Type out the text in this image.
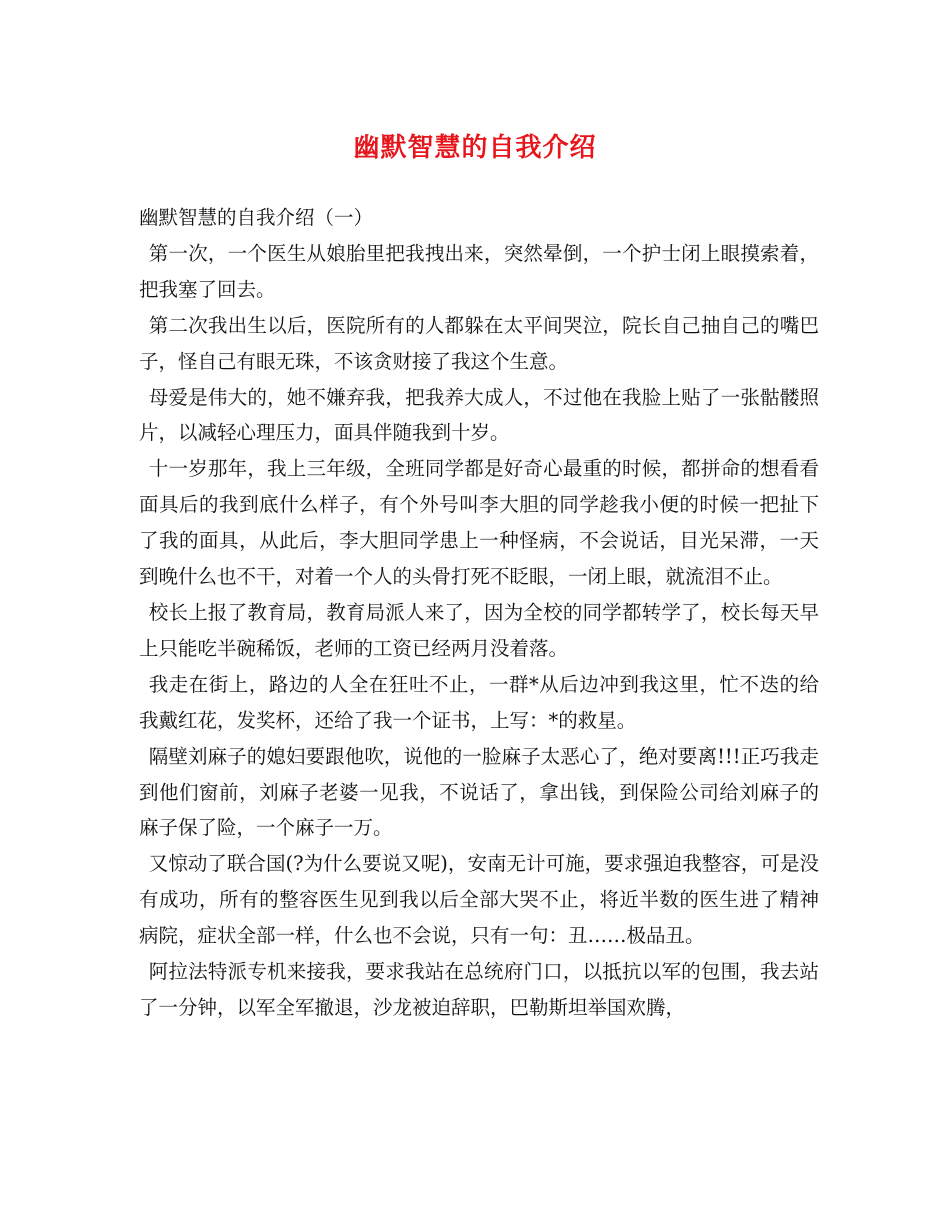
幽默智慧的自我介绍

幽默智慧的自我介绍（一）

第一次，一个医生从娘胎里把我拽出来，突然晕倒，一个护士闭上眼摸索着，把我塞了回去。

第二次我出生以后，医院所有的人都躲在太平间哭泣，院长自己抽自己的嘴巴子，怪自己有眼无珠，不该贪财接了我这个生意。

母爱是伟大的，她不嫌弃我，把我养大成人，不过他在我脸上贴了一张骷髅照片，以减轻心理压力，面具伴随我到十岁。

十一岁那年，我上三年级，全班同学都是好奇心最重的时候，都拼命的想看看面具后的我到底什么样子，有个外号叫李大胆的同学趁我小便的时候一把扯下了我的面具，从此后，李大胆同学患上一种怪病，不会说话，目光呆滞，一天到晚什么也不干，对着一个人的头骨打死不眨眼，一闭上眼，就流泪不止。

校长上报了教育局，教育局派人来了，因为全校的同学都转学了，校长每天早上只能吃半碗稀饭，老师的工资已经两月没着落。

我走在街上，路边的人全在狂吐不止，一群*从后边冲到我这里，忙不迭的给我戴红花，发奖杯，还给了我一个证书，上写：*的救星。

隔壁刘麻子的媳妇要跟他吹，说他的一脸麻子太恶心了，绝对要离!!!正巧我走到他们窗前，刘麻子老婆一见我，不说话了，拿出钱，到保险公司给刘麻子的麻子保了险，一个麻子一万。

又惊动了联合国(?为什么要说又呢)，安南无计可施，要求强迫我整容，可是没有成功，所有的整容医生见到我以后全部大哭不止，将近半数的医生进了精神病院，症状全部一样，什么也不会说，只有一句：丑……极品丑。

阿拉法特派专机来接我，要求我站在总统府门口，以抵抗以军的包围，我去站了一分钟，以军全军撤退，沙龙被迫辞职，巴勒斯坦举国欢腾，
